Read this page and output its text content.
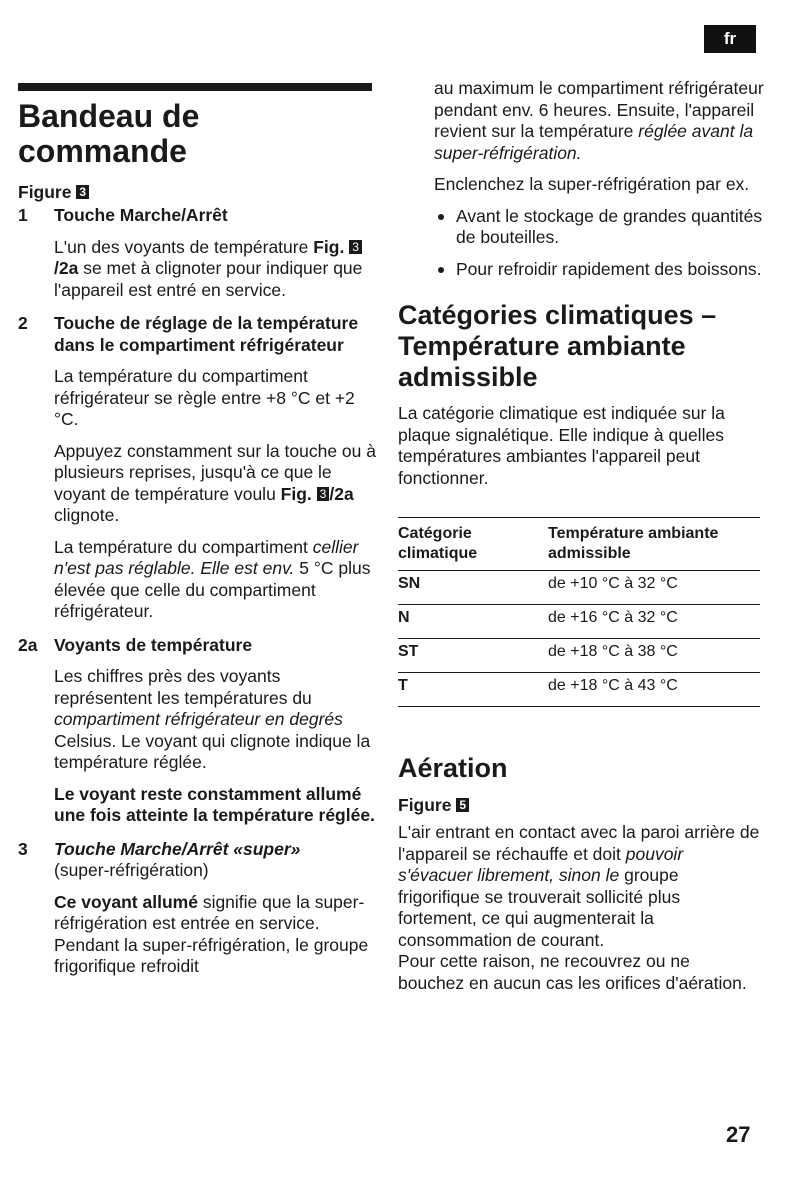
fr
Bandeau de
commande
Figure 3
1 Touche Marche/Arrêt
L'un des voyants de température Fig. 3/2a se met à clignoter pour indiquer que l'appareil est entré en service.
2 Touche de réglage de la température dans le compartiment réfrigérateur
La température du compartiment réfrigérateur se règle entre +8 °C et +2 °C.
Appuyez constamment sur la touche ou à plusieurs reprises, jusqu'à ce que le voyant de température voulu Fig. 3 /2a clignote.
La température du compartiment cellier n'est pas réglable. Elle est env. 5 °C plus élevée que celle du compartiment réfrigérateur.
2a Voyants de température
Les chiffres près des voyants représentent les températures du compartiment réfrigérateur en degrés Celsius. Le voyant qui clignote indique la température réglée.
Le voyant reste constamment allumé une fois atteinte la température réglée.
3 Touche Marche/Arrêt «super»
(super-réfrigération)
Ce voyant allumé signifie que la super-réfrigération est entrée en service. Pendant la super-réfrigération, le groupe frigorifique refroidit
au maximum le compartiment réfrigérateur pendant env. 6 heures. Ensuite, l'appareil revient sur la température réglée avant la super-réfrigération.
Enclenchez la super-réfrigération par ex.
Avant le stockage de grandes quantités de bouteilles.
Pour refroidir rapidement des boissons.
Catégories climatiques – Température ambiante admissible
La catégorie climatique est indiquée sur la plaque signalétique. Elle indique à quelles températures ambiantes l'appareil peut fonctionner.
Catégorie climatique	Température ambiante admissible
SN	de +10 °C à 32 °C
N	de +16 °C à 32 °C
ST	de +18 °C à 38 °C
T	de +18 °C à 43 °C
Aération
Figure 5
L'air entrant en contact avec la paroi arrière de l'appareil se réchauffe et doit pouvoir s'évacuer librement, sinon le groupe frigorifique se trouverait sollicité plus fortement, ce qui augmenterait la consommation de courant.
Pour cette raison, ne recouvrez ou ne bouchez en aucun cas les orifices d'aération.
27
